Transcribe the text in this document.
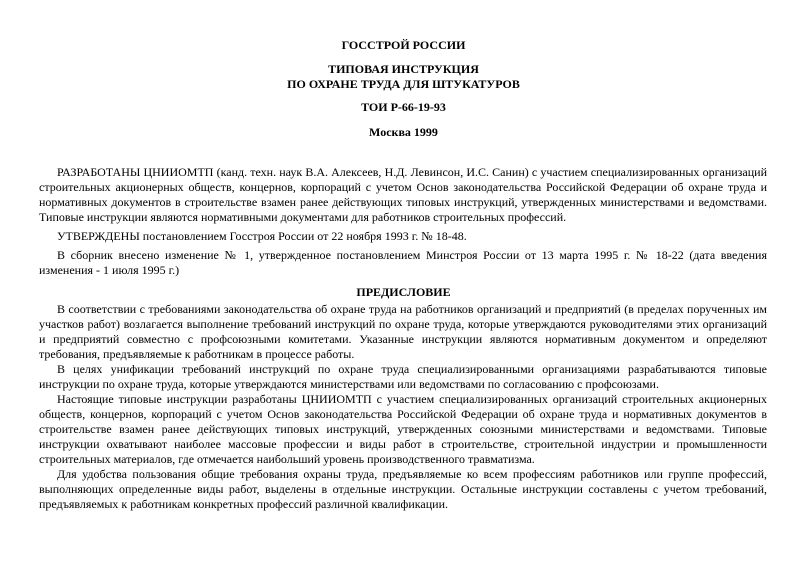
ГОССТРОЙ РОССИИ
ТИПОВАЯ ИНСТРУКЦИЯ
ПО ОХРАНЕ ТРУДА ДЛЯ ШТУКАТУРОВ
ТОИ Р-66-19-93
Москва 1999

РАЗРАБОТАНЫ ЦНИИОМТП (канд. техн. наук В.А. Алексеев, Н.Д. Левинсон, И.С. Санин) с участием специализированных организаций строительных акционерных обществ, концернов, корпораций с учетом Основ законодательства Российской Федерации об охране труда и нормативных документов в строительстве взамен ранее действующих типовых инструкций, утвержденных министерствами и ведомствами. Типовые инструкции являются нормативными документами для работников строительных профессий.

УТВЕРЖДЕНЫ постановлением Госстроя России от 22 ноября 1993 г. № 18-48.

В сборник внесено изменение № 1, утвержденное постановлением Минстроя России от 13 марта 1995 г. № 18-22 (дата введения изменения - 1 июля 1995 г.)

ПРЕДИСЛОВИЕ

В соответствии с требованиями законодательства об охране труда на работников организаций и предприятий (в пределах порученных им участков работ) возлагается выполнение требований инструкций по охране труда, которые утверждаются руководителями этих организаций и предприятий совместно с профсоюзными комитетами. Указанные инструкции являются нормативным документом и определяют требования, предъявляемые к работникам в процессе работы.

В целях унификации требований инструкций по охране труда специализированными организациями разрабатываются типовые инструкции по охране труда, которые утверждаются министерствами или ведомствами по согласованию с профсоюзами.

Настоящие типовые инструкции разработаны ЦНИИОМТП с участием специализированных организаций строительных акционерных обществ, концернов, корпораций с учетом Основ законодательства Российской Федерации об охране труда и нормативных документов в строительстве взамен ранее действующих типовых инструкций, утвержденных союзными министерствами и ведомствами. Типовые инструкции охватывают наиболее массовые профессии и виды работ в строительстве, строительной индустрии и промышленности строительных материалов, где отмечается наибольший уровень производственного травматизма.

Для удобства пользования общие требования охраны труда, предъявляемые ко всем профессиям работников или группе профессий, выполняющих определенные виды работ, выделены в отдельные инструкции. Остальные инструкции составлены с учетом требований, предъявляемых к работникам конкретных профессий различной квалификации.
